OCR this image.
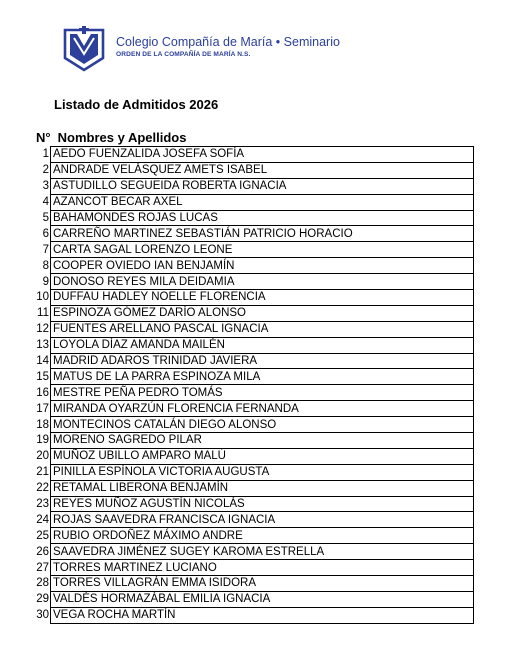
Colegio Compañía de María • Seminario
ORDEN DE LA COMPAÑÍA DE MARÍA N.S.
Listado de Admitidos 2026
N° Nombres y Apellidos
1	AEDO FUENZALIDA JOSEFA SOFÍA
2	ANDRADE VELÁSQUEZ AMETS ISABEL
3	ASTUDILLO SEGUEIDA ROBERTA IGNACIA
4	AZANCOT BECAR AXEL
5	BAHAMONDES ROJAS LUCAS
6	CARREÑO MARTINEZ SEBASTIÁN PATRICIO HORACIO
7	CARTA SAGAL LORENZO LEONE
8	COOPER OVIEDO IAN BENJAMÍN
9	DONOSO REYES MILA DEIDAMIA
10	DUFFAU HADLEY NOELLE FLORENCIA
11	ESPINOZA GÓMEZ DARÍO ALONSO
12	FUENTES ARELLANO PASCAL IGNACIA
13	LOYOLA DÍAZ AMANDA MAILÉN
14	MADRID ADAROS TRINIDAD JAVIERA
15	MATUS DE LA PARRA ESPINOZA MILA
16	MESTRE PEÑA PEDRO TOMÁS
17	MIRANDA OYARZÚN FLORENCIA FERNANDA
18	MONTECINOS CATALÁN DIEGO ALONSO
19	MORENO SAGREDO PILAR
20	MUÑOZ UBILLO AMPARO MALÚ
21	PINILLA ESPÍNOLA VICTORIA AUGUSTA
22	RETAMAL LIBERONA BENJAMÍN
23	REYES MUÑOZ AGUSTÍN NICOLÁS
24	ROJAS SAAVEDRA FRANCISCA IGNACIA
25	RUBIO ORDOÑEZ MÁXIMO ANDRE
26	SAAVEDRA JIMÉNEZ SUGEY KAROMA ESTRELLA
27	TORRES MARTINEZ LUCIANO
28	TORRES VILLAGRÁN EMMA ISIDORA
29	VALDÉS HORMAZÁBAL EMILIA IGNACIA
30	VEGA ROCHA MARTÍN
